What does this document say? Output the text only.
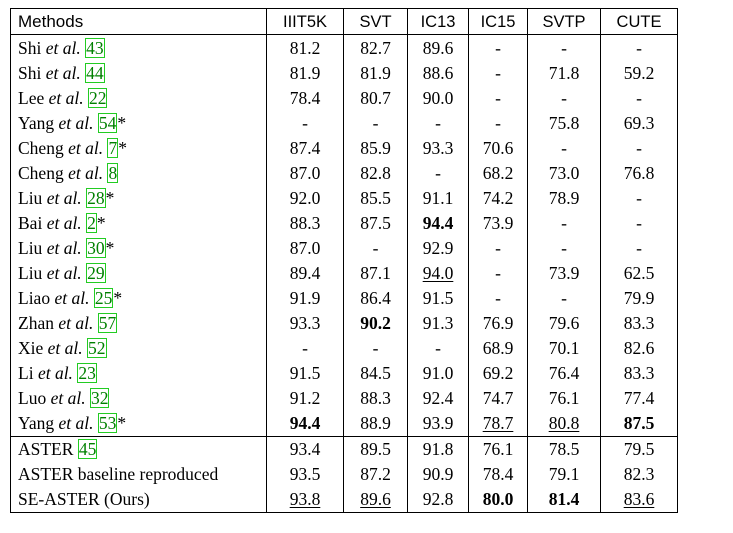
Methods	IIIT5K	SVT	IC13	IC15	SVTP	CUTE
Shi et al. 43	81.2	82.7	89.6	-	-	-
Shi et al. 44	81.9	81.9	88.6	-	71.8	59.2
Lee et al. 22	78.4	80.7	90.0	-	-	-
Yang et al. 54*	-	-	-	-	75.8	69.3
Cheng et al. 7*	87.4	85.9	93.3	70.6	-	-
Cheng et al. 8	87.0	82.8	-	68.2	73.0	76.8
Liu et al. 28*	92.0	85.5	91.1	74.2	78.9	-
Bai et al. 2*	88.3	87.5	94.4	73.9	-	-
Liu et al. 30*	87.0	-	92.9	-	-	-
Liu et al. 29	89.4	87.1	94.0	-	73.9	62.5
Liao et al. 25*	91.9	86.4	91.5	-	-	79.9
Zhan et al. 57	93.3	90.2	91.3	76.9	79.6	83.3
Xie et al. 52	-	-	-	68.9	70.1	82.6
Li et al. 23	91.5	84.5	91.0	69.2	76.4	83.3
Luo et al. 32	91.2	88.3	92.4	74.7	76.1	77.4
Yang et al. 53*	94.4	88.9	93.9	78.7	80.8	87.5
ASTER 45	93.4	89.5	91.8	76.1	78.5	79.5
ASTER baseline reproduced	93.5	87.2	90.9	78.4	79.1	82.3
SE-ASTER (Ours)	93.8	89.6	92.8	80.0	81.4	83.6
